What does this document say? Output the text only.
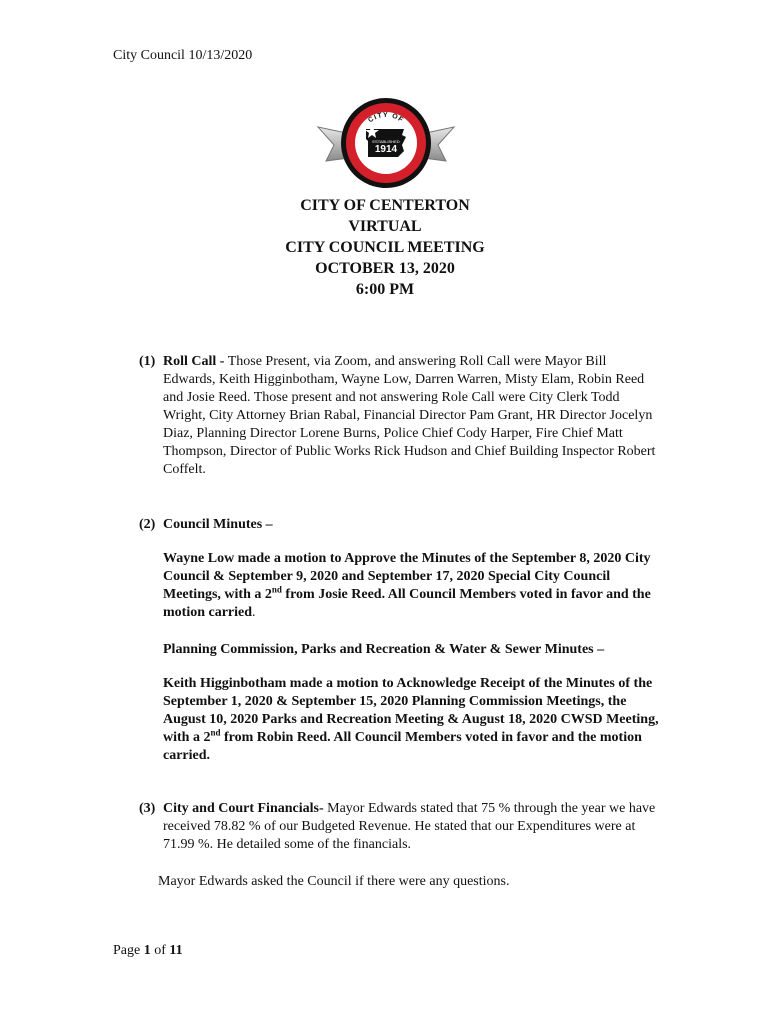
City Council 10/13/2020
ESTABLISHED
1914
CITY OF
CITY OF CENTERTON
VIRTUAL
CITY COUNCIL MEETING
OCTOBER 13, 2020
6:00 PM
(1) Roll Call - Those Present, via Zoom, and answering Roll Call were Mayor Bill Edwards, Keith Higginbotham, Wayne Low, Darren Warren, Misty Elam, Robin Reed and Josie Reed. Those present and not answering Role Call were City Clerk Todd Wright, City Attorney Brian Rabal, Financial Director Pam Grant, HR Director Jocelyn Diaz, Planning Director Lorene Burns, Police Chief Cody Harper, Fire Chief Matt Thompson, Director of Public Works Rick Hudson and Chief Building Inspector Robert Coffelt.
(2) Council Minutes –
Wayne Low made a motion to Approve the Minutes of the September 8, 2020 City Council & September 9, 2020 and September 17, 2020 Special City Council Meetings, with a 2nd from Josie Reed. All Council Members voted in favor and the motion carried.
Planning Commission, Parks and Recreation & Water & Sewer Minutes –
Keith Higginbotham made a motion to Acknowledge Receipt of the Minutes of the September 1, 2020 & September 15, 2020 Planning Commission Meetings, the August 10, 2020 Parks and Recreation Meeting & August 18, 2020 CWSD Meeting, with a 2nd from Robin Reed. All Council Members voted in favor and the motion carried.
(3) City and Court Financials- Mayor Edwards stated that 75 % through the year we have received 78.82 % of our Budgeted Revenue. He stated that our Expenditures were at 71.99 %. He detailed some of the financials.
Mayor Edwards asked the Council if there were any questions.
Page 1 of 11
